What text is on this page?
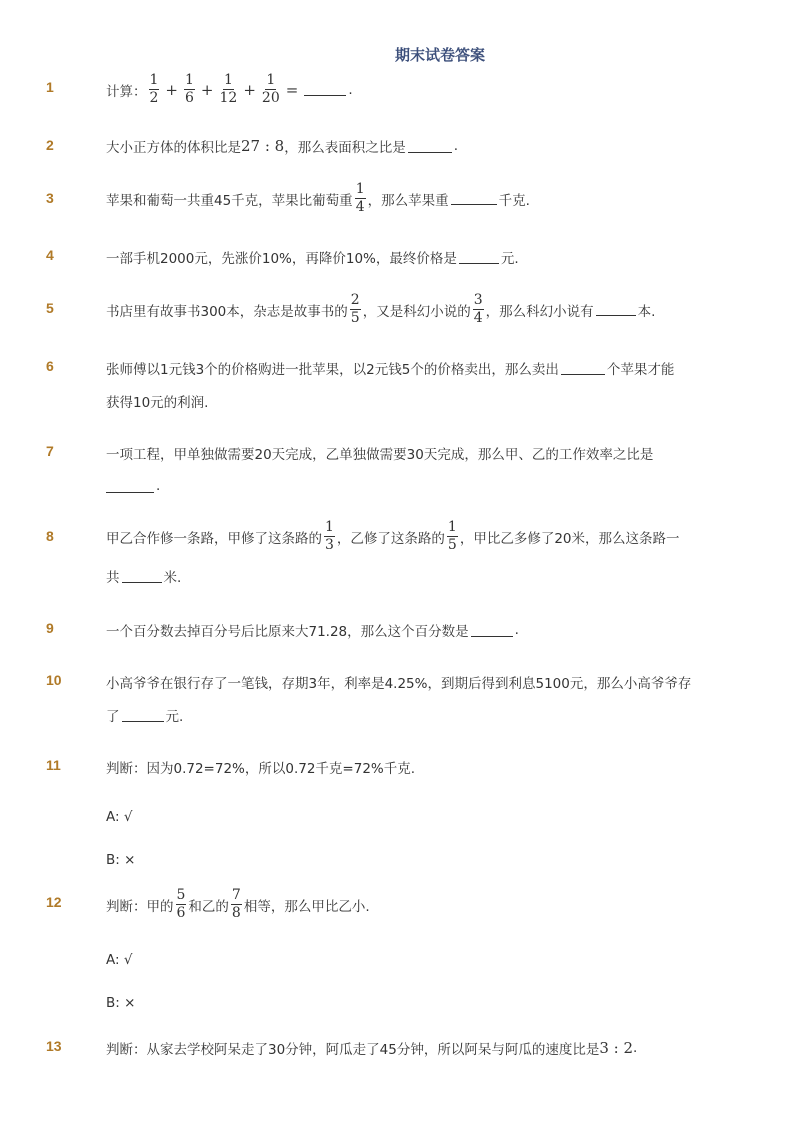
期末试卷答案
1	计算： $\frac{1}{2} + \frac{1}{6} + \frac{1}{12} + \frac{1}{20}$ =	.
2	大小正方体的体积比是 27 : 8 ，那么表面积之比是	.
3	苹果和葡萄一共重45千克，苹果比葡萄重 $\frac{1}{4}$ ，那么苹果重	千克.
4	一部手机2000元，先涨价10%，再降价10%，最终价格是	元.
5	书店里有故事书300本，杂志是故事书的 $\frac{2}{5}$ ，又是科幻小说的 $\frac{3}{4}$ ，那么科幻小说有	本.
6	张师傅以1元钱3个的价格购进一批苹果，以2元钱5个的价格卖出，那么卖出	个苹果才能
获得10元的利润.
7	一项工程，甲单独做需要20天完成，乙单独做需要30天完成，那么甲、乙的工作效率之比是
.
8	甲乙合作修一条路，甲修了这条路的 $\frac{1}{3}$ ，乙修了这条路的 $\frac{1}{5}$ ，甲比乙多修了20米，那么这条路一
共	米.
9	一个百分数去掉百分号后比原来大71.28，那么这个百分数是	.
10	小高爷爷在银行存了一笔钱，存期3年，利率是4.25%，到期后得到利息5100元，那么小高爷爷存
了	元.
11	判断：因为0.72=72%，所以0.72千克=72%千克.
A: √
B: ×
12	判断：甲的 $\frac{5}{6}$ 和乙的 $\frac{7}{8}$ 相等，那么甲比乙小.
A: √
B: ×
13	判断：从家去学校阿呆走了30分钟，阿瓜走了45分钟，所以阿呆与阿瓜的速度比是 3 : 2 .
